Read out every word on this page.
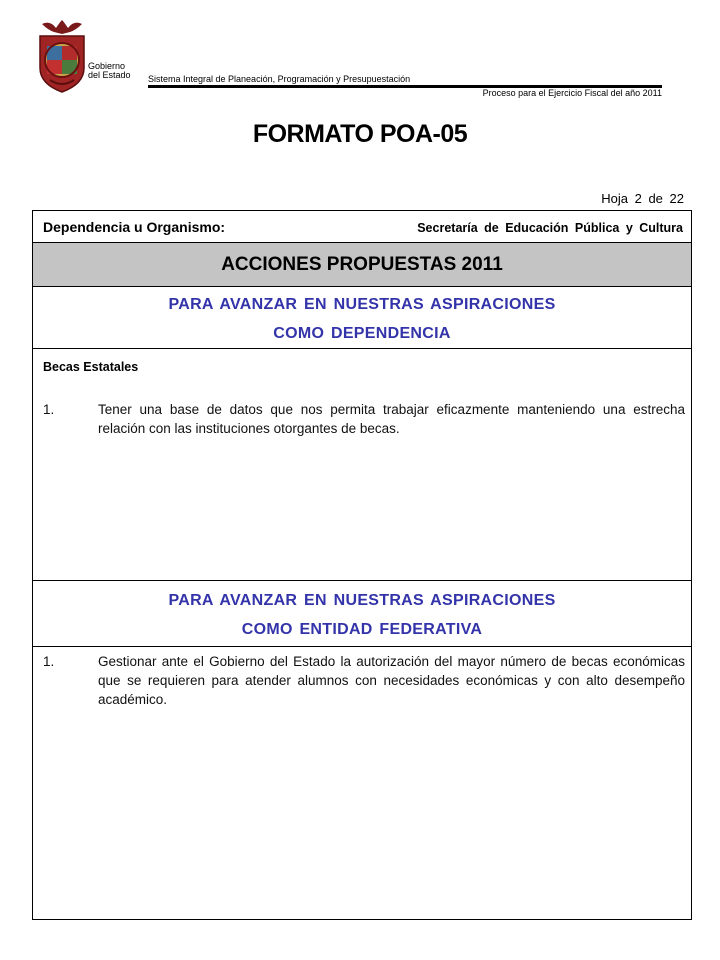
Gobierno
del Estado Sistema Integral de Planeación, Programación y Presupuestación
Proceso para el Ejercicio Fiscal del año 2011
FORMATO POA-05
Hoja 2 de 22
Dependencia u Organismo:	Secretaría de Educación Pública y Cultura
ACCIONES PROPUESTAS 2011
PARA AVANZAR EN NUESTRAS ASPIRACIONES
COMO DEPENDENCIA
Becas Estatales
1.	Tener una base de datos que nos permita trabajar eficazmente manteniendo una estrecha relación con las instituciones otorgantes de becas.
PARA AVANZAR EN NUESTRAS ASPIRACIONES
COMO ENTIDAD FEDERATIVA
1.	Gestionar ante el Gobierno del Estado la autorización del mayor número de becas económicas que se requieren para atender alumnos con necesidades económicas y con alto desempeño académico.
